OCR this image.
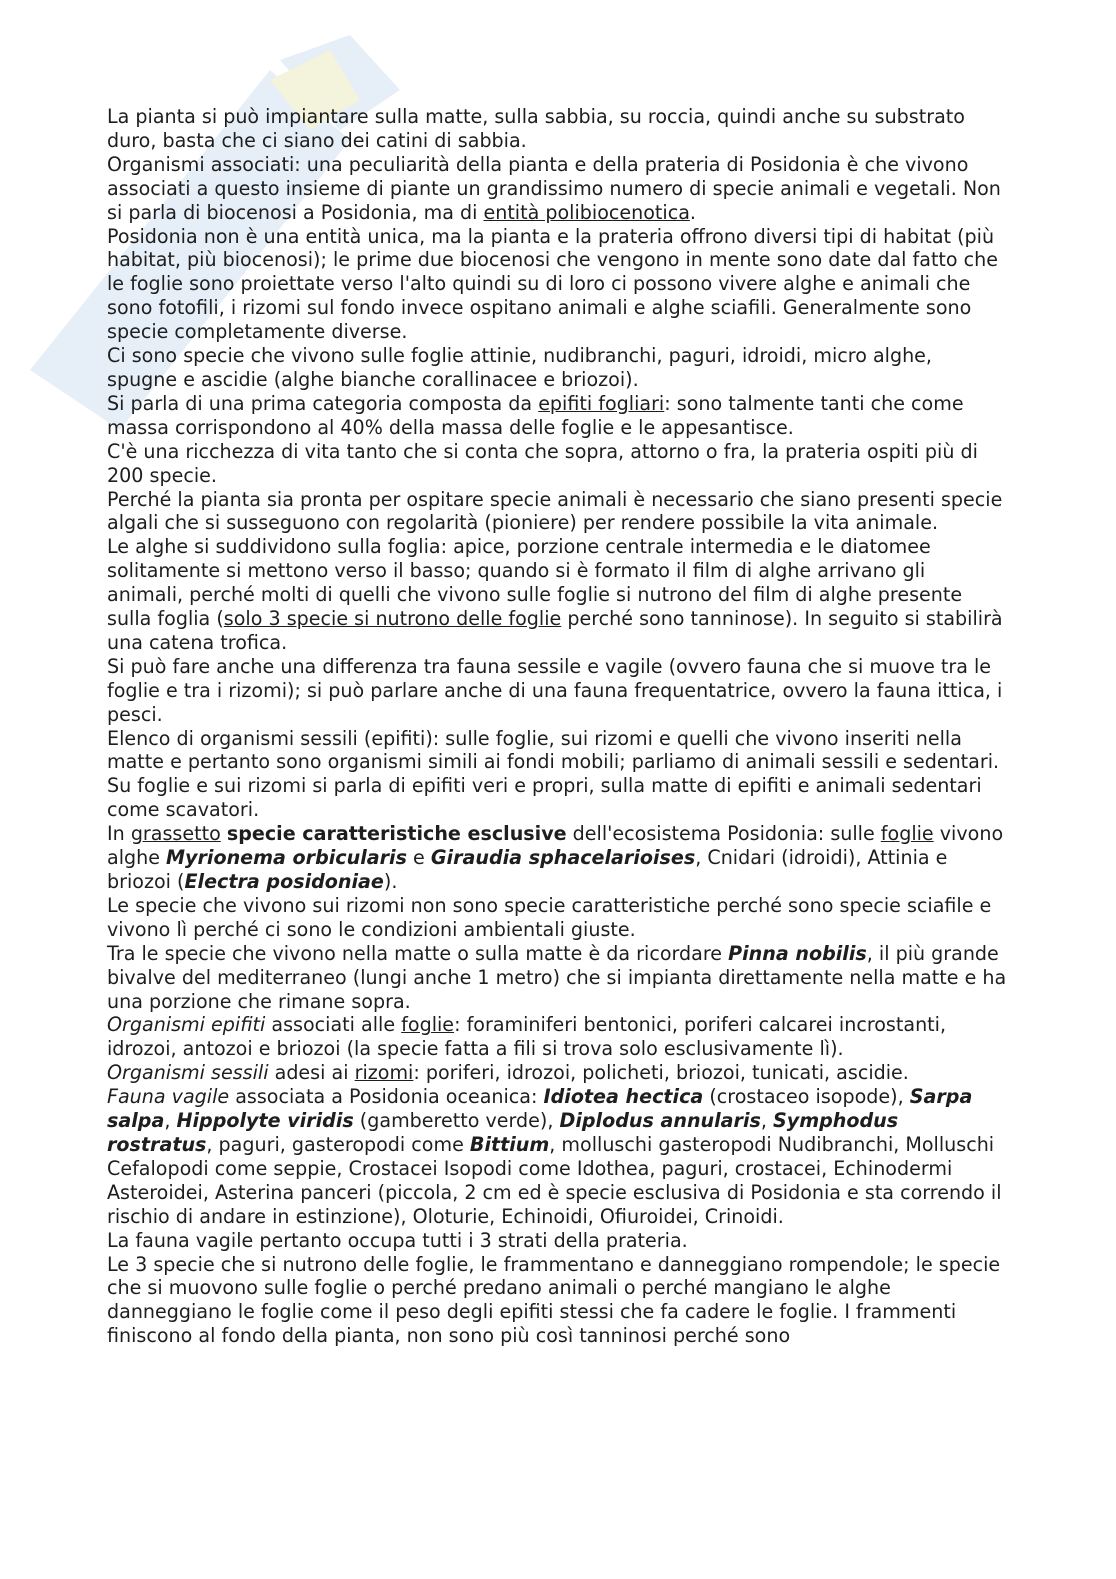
La pianta si può impiantare sulla matte, sulla sabbia, su roccia, quindi anche su substrato duro, basta che ci siano dei catini di sabbia.

Organismi associati: una peculiarità della pianta e della prateria di Posidonia è che vivono associati a questo insieme di piante un grandissimo numero di specie animali e vegetali. Non si parla di biocenosi a Posidonia, ma di entità polibiocenotica.

Posidonia non è una entità unica, ma la pianta e la prateria offrono diversi tipi di habitat (più habitat, più biocenosi); le prime due biocenosi che vengono in mente sono date dal fatto che le foglie sono proiettate verso l'alto quindi su di loro ci possono vivere alghe e animali che sono fotofili, i rizomi sul fondo invece ospitano animali e alghe sciafili. Generalmente sono specie completamente diverse.

Ci sono specie che vivono sulle foglie attinie, nudibranchi, paguri, idroidi, micro alghe, spugne e ascidie (alghe bianche corallinacee e briozoi).

Si parla di una prima categoria composta da epifiti fogliari: sono talmente tanti che come massa corrispondono al 40% della massa delle foglie e le appesantisce.

C'è una ricchezza di vita tanto che si conta che sopra, attorno o fra, la prateria ospiti più di 200 specie.

Perché la pianta sia pronta per ospitare specie animali è necessario che siano presenti specie algali che si susseguono con regolarità (pioniere) per rendere possibile la vita animale.

Le alghe si suddividono sulla foglia: apice, porzione centrale intermedia e le diatomee solitamente si mettono verso il basso; quando si è formato il film di alghe arrivano gli animali, perché molti di quelli che vivono sulle foglie si nutrono del film di alghe presente sulla foglia (solo 3 specie si nutrono delle foglie perché sono tanninose). In seguito si stabilirà una catena trofica.

Si può fare anche una differenza tra fauna sessile e vagile (ovvero fauna che si muove tra le foglie e tra i rizomi); si può parlare anche di una fauna frequentatrice, ovvero la fauna ittica, i pesci.

Elenco di organismi sessili (epifiti): sulle foglie, sui rizomi e quelli che vivono inseriti nella matte e pertanto sono organismi simili ai fondi mobili; parliamo di animali sessili e sedentari.

Su foglie e sui rizomi si parla di epifiti veri e propri, sulla matte di epifiti e animali sedentari come scavatori.

In grassetto specie caratteristiche esclusive dell'ecosistema Posidonia: sulle foglie vivono alghe Myrionema orbicularis e Giraudia sphacelarioises, Cnidari (idroidi), Attinia e briozoi (Electra posidoniae).

Le specie che vivono sui rizomi non sono specie caratteristiche perché sono specie sciafile e vivono lì perché ci sono le condizioni ambientali giuste.

Tra le specie che vivono nella matte o sulla matte è da ricordare Pinna nobilis, il più grande bivalve del mediterraneo (lungi anche 1 metro) che si impianta direttamente nella matte e ha una porzione che rimane sopra.

Organismi epifiti associati alle foglie: foraminiferi bentonici, poriferi calcarei incrostanti, idrozoi, antozoi e briozoi (la specie fatta a fili si trova solo esclusivamente lì).

Organismi sessili adesi ai rizomi: poriferi, idrozoi, policheti, briozoi, tunicati, ascidie.

Fauna vagile associata a Posidonia oceanica: Idiotea hectica (crostaceo isopode), Sarpa salpa, Hippolyte viridis (gamberetto verde), Diplodus annularis, Symphodus rostratus, paguri, gasteropodi come Bittium, molluschi gasteropodi Nudibranchi, Molluschi Cefalopodi come seppie, Crostacei Isopodi come Idothea, paguri, crostacei, Echinodermi Asteroidei, Asterina panceri (piccola, 2 cm ed è specie esclusiva di Posidonia e sta correndo il rischio di andare in estinzione), Oloturie, Echinoidi, Ofiuroidei, Crinoidi.

La fauna vagile pertanto occupa tutti i 3 strati della prateria.

Le 3 specie che si nutrono delle foglie, le frammentano e danneggiano rompendole; le specie che si muovono sulle foglie o perché predano animali o perché mangiano le alghe danneggiano le foglie come il peso degli epifiti stessi che fa cadere le foglie. I frammenti finiscono al fondo della pianta, non sono più così tanninosi perché sono
